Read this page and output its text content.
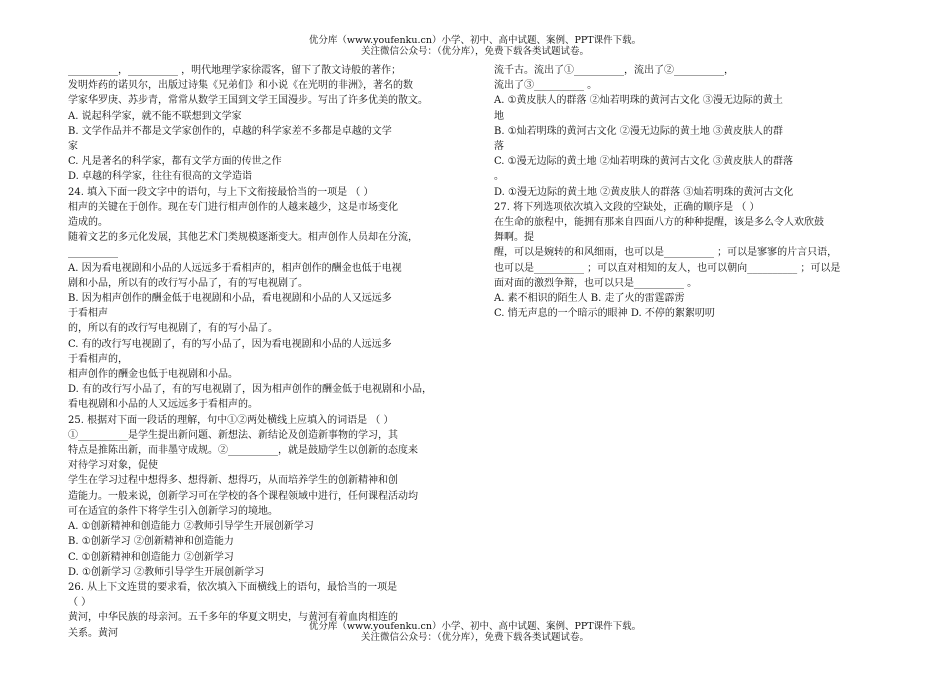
优分库（www.youfenku.cn）小学、初中、高中试题、案例、PPT课件下载。
关注微信公众号：（优分库），免费下载各类试题试卷。
__________，__________ ，明代地理学家徐霞客，留下了散文诗般的著作；
发明炸药的诺贝尔，出版过诗集《兄弟们》和小说《在光明的非洲》，著名的数
学家华罗庚、苏步青，常常从数学王国到文学王国漫步。写出了许多优美的散文。
A. 说起科学家，就不能不联想到文学家
B. 文学作品并不都是文学家创作的，卓越的科学家差不多都是卓越的文学
家
C. 凡是著名的科学家，都有文学方面的传世之作
D. 卓越的科学家，往往有很高的文学造诣
24. 填入下面一段文字中的语句，与上下文衔接最恰当的一项是 （ ）
相声的关键在于创作。现在专门进行相声创作的人越来越少，这是市场变化
造成的。
随着文艺的多元化发展，其他艺术门类规模逐渐变大。相声创作人员却在分流，
__________
A. 因为看电视剧和小品的人远远多于看相声的，相声创作的酬金也低于电视
剧和小品，所以有的改行写小品了，有的写电视剧了。
B. 因为相声创作的酬金低于电视剧和小品，看电视剧和小品的人又远远多
于看相声
的，所以有的改行写电视剧了，有的写小品了。
C. 有的改行写电视剧了，有的写小品了，因为看电视剧和小品的人远远多
于看相声的，
相声创作的酬金也低于电视剧和小品。
D. 有的改行写小品了，有的写电视剧了，因为相声创作的酬金低于电视剧和小品，
看电视剧和小品的人又远远多于看相声的。
25. 根据对下面一段话的理解，句中①②两处横线上应填入的词语是 （ ）
①__________是学生提出新问题、新想法、新结论及创造新事物的学习，其
特点是推陈出新，而非墨守成规。②__________，就是鼓励学生以创新的态度来
对待学习对象，促使
学生在学习过程中想得多、想得新、想得巧，从而培养学生的创新精神和创
造能力。一般来说，创新学习可在学校的各个课程领域中进行，任何课程活动均
可在适宜的条件下将学生引入创新学习的境地。
A. ①创新精神和创造能力 ②教师引导学生开展创新学习
B. ①创新学习 ②创新精神和创造能力
C. ①创新精神和创造能力 ②创新学习
D. ①创新学习 ②教师引导学生开展创新学习
26. 从上下文连贯的要求看，依次填入下面横线上的语句，最恰当的一项是
（ ）
黄河，中华民族的母亲河。五千多年的华夏文明史，与黄河有着血肉相连的
关系。黄河
流千古。流出了①__________，流出了②__________，
流出了③__________ 。
A. ①黄皮肤人的群落 ②灿若明珠的黄河古文化 ③漫无边际的黄土
地
B. ①灿若明珠的黄河古文化 ②漫无边际的黄土地 ③黄皮肤人的群
落
C. ①漫无边际的黄土地 ②灿若明珠的黄河古文化 ③黄皮肤人的群落
。
D. ①漫无边际的黄土地 ②黄皮肤人的群落 ③灿若明珠的黄河古文化
27. 将下列选项依次填入文段的空缺处，正确的顺序是 （ ）
在生命的旅程中，能拥有那来自四面八方的种种提醒，该是多么令人欢欣鼓
舞啊。提
醒，可以是婉转的和风细雨，也可以是__________ ；可以是寥寥的片言只语，
也可以是__________ ；可以直对相知的友人，也可以朝向__________ ；可以是
面对面的激烈争辩，也可以只是__________ 。
A. 素不相识的陌生人 B. 走了火的雷霆霹雳
C. 悄无声息的一个暗示的眼神 D. 不停的絮絮叨叨
优分库（www.youfenku.cn）小学、初中、高中试题、案例、PPT课件下载。
关注微信公众号：（优分库），免费下载各类试题试卷。
